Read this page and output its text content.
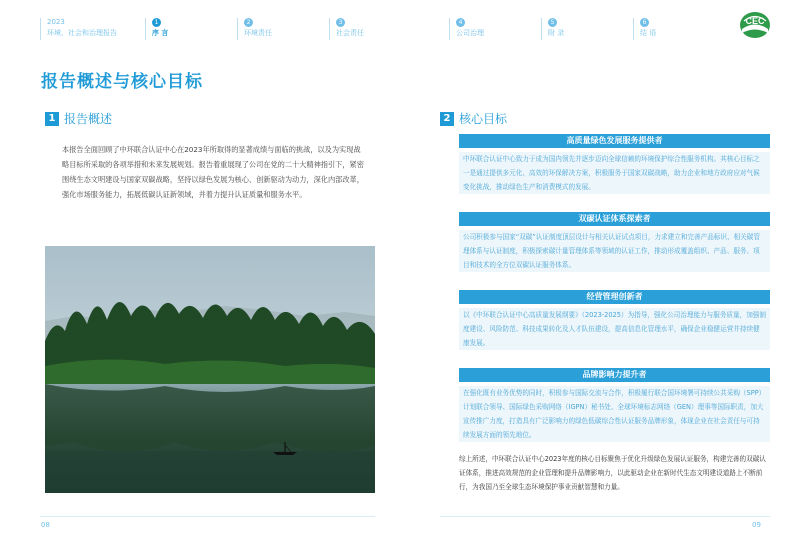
2023
环境、社会和治理报告
1
序 言
2
环境责任
3
社会责任
4
公司治理
5
附 录
6
结 语
CEC
报告概述与核心目标
1 报告概述

本报告全面回顾了中环联合认证中心在2023年所取得的显著成绩与面临的挑战，以及为实现战略目标所采取的各项举措和未来发展规划。报告着重展现了公司在党的二十大精神指引下，紧密围绕生态文明建设与国家双碳战略，坚持以绿色发展为核心、创新驱动为动力，深化内部改革，强化市场服务能力，拓展低碳认证新领域，并着力提升认证质量和服务水平。

2 核心目标
高质量绿色发展服务提供者

中环联合认证中心致力于成为国内领先并逐步迈向全球信赖的环境保护综合性服务机构。其核心目标之一是通过提供多元化、高效的环保解决方案，积极服务于国家双碳战略，助力企业和地方政府应对气候变化挑战，推动绿色生产和消费模式的发展。

双碳认证体系探索者

公司积极参与国家“双碳”认证制度顶层设计与相关认证试点项目，力求建立和完善产品标识、相关碳管理体系与认证制度，积极探索碳计量管理体系等领域的认证工作，推动形成覆盖组织、产品、服务、项目和技术的全方位双碳认证服务体系。

经营管理创新者

以《中环联合认证中心高质量发展纲要》（2023-2025）为指导，强化公司治理能力与服务质量，加强制度建设、风险防范、科技成果转化及人才队伍建设，提高信息化管理水平，确保企业稳健运营并持续健康发展。

品牌影响力提升者

在强化既有业务优势的同时，积极参与国际交流与合作，积极履行联合国环境署可持续公共采购（SPP）计划联合领导、国际绿色采购网络（IGPN）秘书处、全球环境标志网络（GEN）理事等国际职责，加大宣传推广力度，打造具有广泛影响力的绿色低碳综合性认证服务品牌形象，体现企业在社会责任与可持续发展方面的领先地位。

综上所述，中环联合认证中心2023年度的核心目标聚焦于优化升级绿色发展认证服务，构建完善的双碳认证体系，推进高效规范的企业管理和提升品牌影响力，以此驱动企业在新时代生态文明建设道路上不断前行，为我国乃至全球生态环境保护事业贡献智慧和力量。

08	09
